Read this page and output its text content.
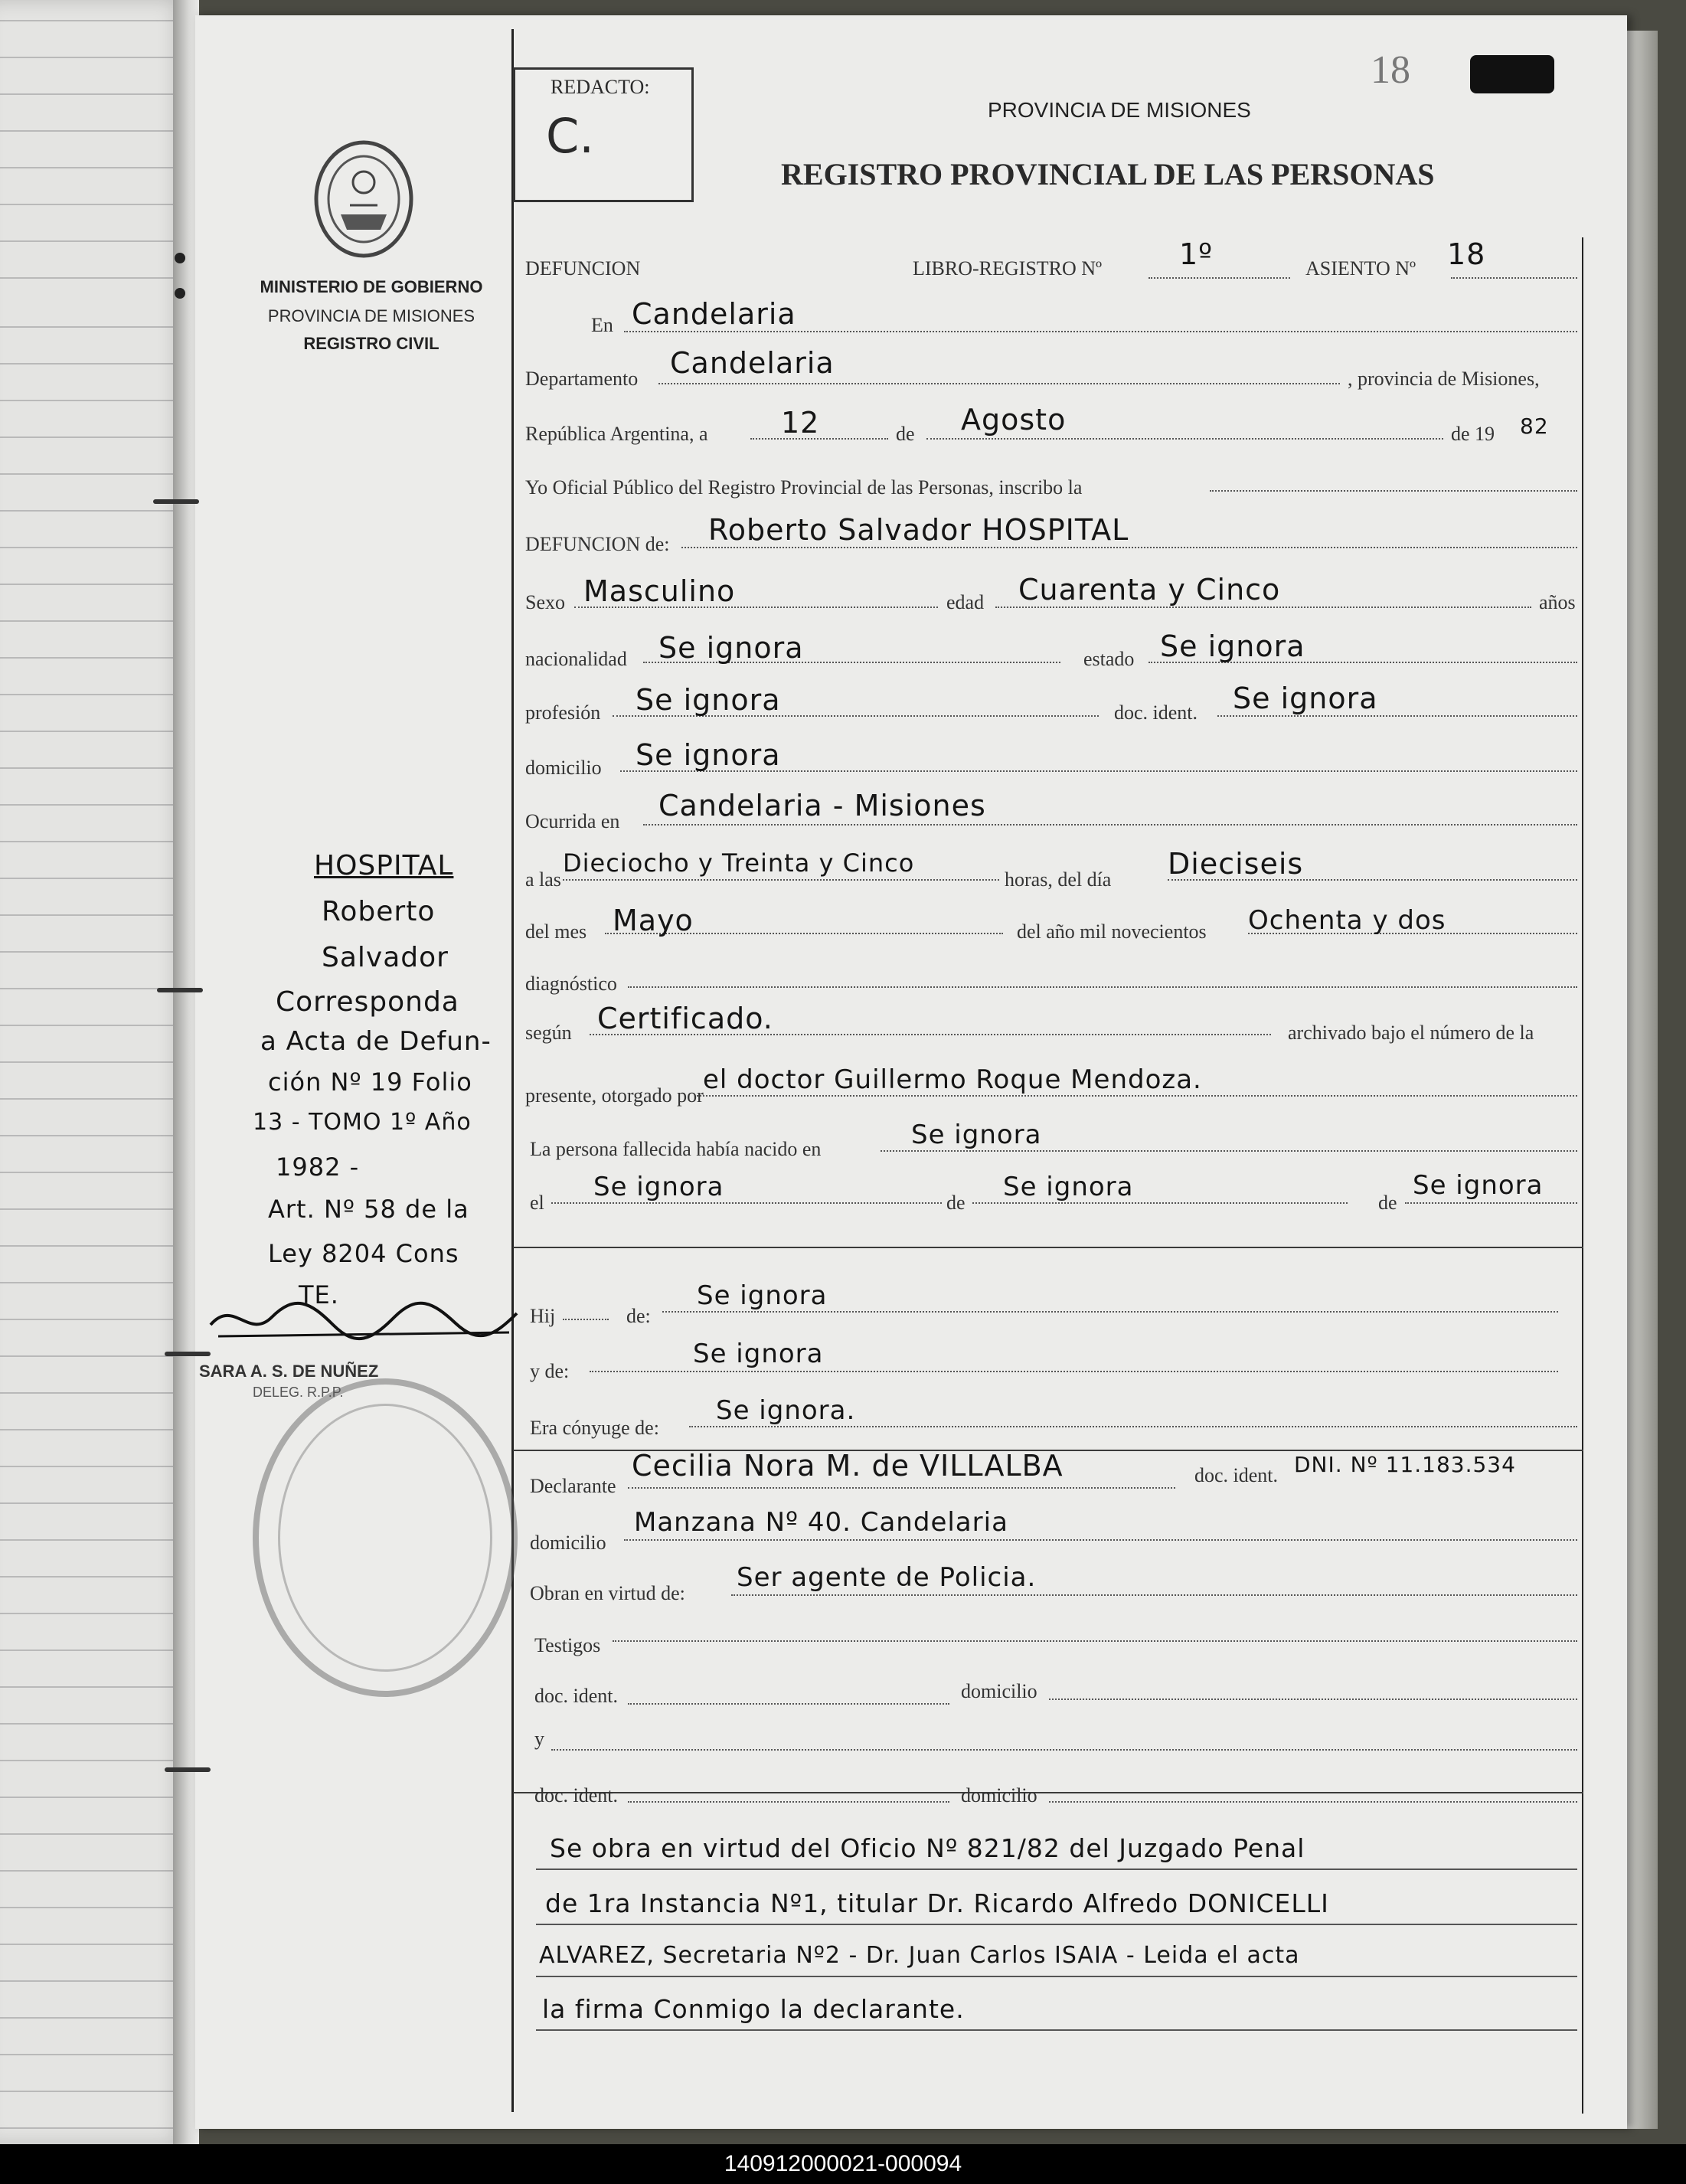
18
REDACTO:
C.	PROVINCIA DE MISIONES
REGISTRO PROVINCIAL DE LAS PERSONAS
MINISTERIO DE GOBIERNO
PROVINCIA DE MISIONES
REGISTRO CIVIL
HOSPITAL
Roberto
Salvador
Corresponda
a Acta de Defun-
ción Nº 19 Folio
13 - TOMO 1º Año
1982 -
Art. Nº 58 de la
Ley 8204 Cons
TE.
SARA A. S. DE NUÑEZ
DELEG. R.P.P.
DEFUNCION	LIBRO-REGISTRO Nº	1º	ASIENTO Nº 18
En Candelaria
Departamento Candelaria	, provincia de Misiones,
República Argentina, a	12	de Agosto	de 19 82
Yo Oficial Público del Registro Provincial de las Personas, inscribo la
DEFUNCION de: Roberto Salvador HOSPITAL
Sexo Masculino	edad Cuarenta y Cinco	años
nacionalidad Se ignora	estado Se ignora
profesión Se ignora	doc. ident. Se ignora
domicilio Se ignora
Ocurrida en Candelaria - Misiones
a las
Dieciocho y Treinta y Cinco
horas, del día Dieciseis
del mes Mayo	del año mil novecientos Ochenta y dos
diagnóstico
según Certificado.	archivado bajo el número de la
presente, otorgado por
el doctor Guillermo Roque Mendoza.
La persona fallecida había nacido en	Se ignora
el
Se ignora
de
Se ignora
de
Se ignora
Hij	de:
Se ignora
y de:
Se ignora
Era cónyuge de:
Se ignora.
Declarante
Cecilia Nora M. de VILLALBA	doc. ident. DNI. Nº 11.183.534
domicilio
Manzana Nº 40. Candelaria
Obran en virtud de:
Ser agente de Policia.
Testigos
doc. ident.	domicilio
y
doc. ident.	domicilio
Se obra en virtud del Oficio Nº 821/82 del Juzgado Penal
de 1ra Instancia Nº1, titular Dr. Ricardo Alfredo DONICELLI
ALVAREZ, Secretaria Nº2 - Dr. Juan Carlos ISAIA - Leida el acta
la firma Conmigo la declarante.
140912000021-000094
